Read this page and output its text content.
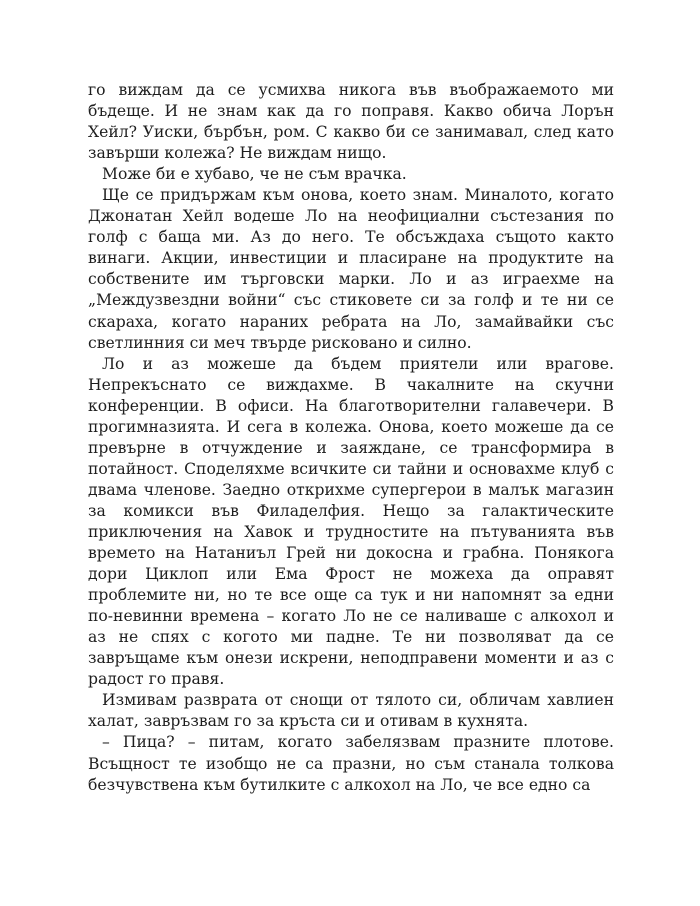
го виждам да се усмихва никога във въображаемото ми бъдеще. И не знам как да го поправя. Какво обича Лорън Хейл? Уиски, бърбън, ром. С какво би се занимавал, след като завърши колежа? Не виждам нищо.

Може би е хубаво, че не съм врачка.

Ще се придържам към онова, което знам. Миналото, когато Джонатан Хейл водеше Ло на неофициални състезания по голф с баща ми. Аз до него. Те обсъждаха същото както винаги. Акции, инвестиции и пласиране на продуктите на собствените им търговски марки. Ло и аз играехме на „Междузвездни войни“ със стиковете си за голф и те ни се скараха, когато нараних ребрата на Ло, замайвайки със светлинния си меч твърде рисковано и силно.

Ло и аз можеше да бъдем приятели или врагове. Непрекъснато се виждахме. В чакалните на скучни конференции. В офиси. На благотворителни галавечери. В прогимназията. И сега в колежа. Онова, което можеше да се превърне в отчуждение и заяждане, се трансформира в потайност. Споделяхме всичките си тайни и основахме клуб с двама членове. Заедно открихме супергерои в малък магазин за комикси във Филаделфия. Нещо за галактическите приключения на Хавок и трудностите на пътуванията във времето на Натаниъл Грей ни докосна и грабна. Понякога дори Циклоп или Ема Фрост не можеха да оправят проблемите ни, но те все още са тук и ни напомнят за едни по-невинни времена – когато Ло не се наливаше с алкохол и аз не спях с когото ми падне. Те ни позволяват да се завръщаме към онези искрени, неподправени моменти и аз с радост го правя.

Измивам разврата от снощи от тялото си, обличам хавлиен халат, завръзвам го за кръста си и отивам в кухнята.

– Пица? – питам, когато забелязвам празните плотове. Всъщност те изобщо не са празни, но съм станала толкова безчувствена към бутилките с алкохол на Ло, че все едно са
